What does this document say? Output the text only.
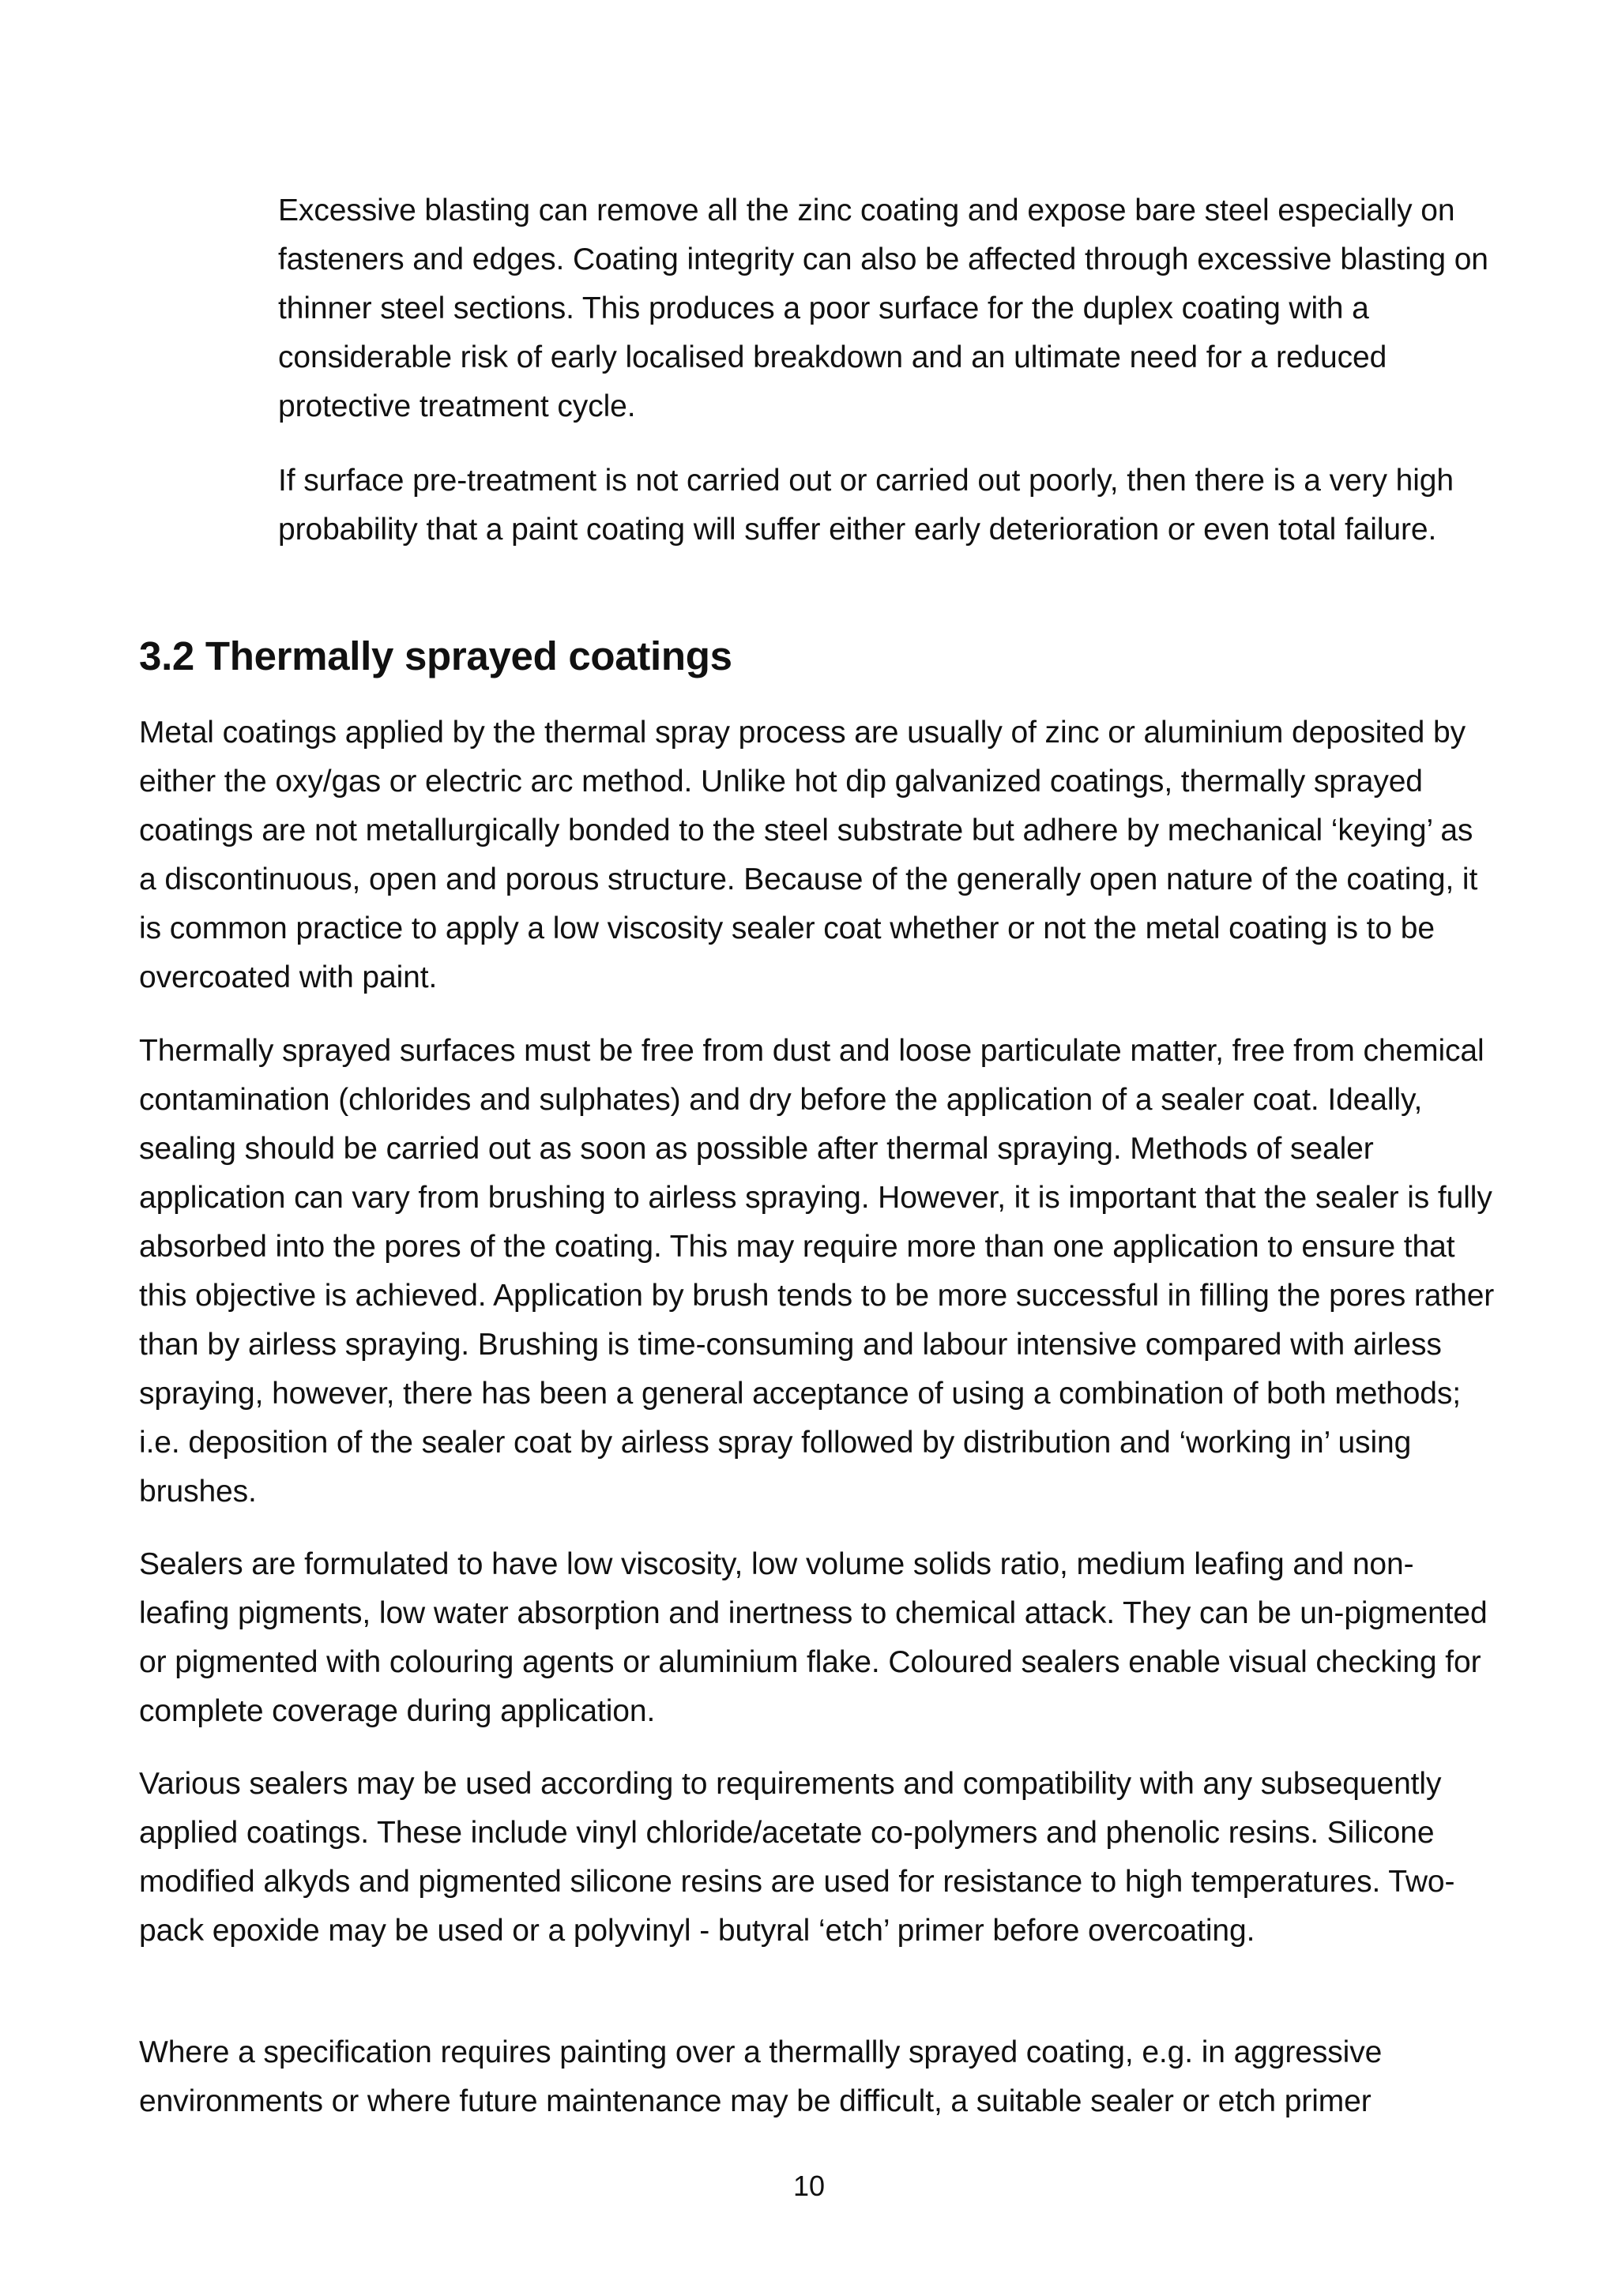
Excessive blasting can remove all the zinc coating and expose bare steel especially on fasteners and edges. Coating integrity can also be affected through excessive blasting on thinner steel sections. This produces a poor surface for the duplex coating with a considerable risk of early localised breakdown and an ultimate need for a reduced protective treatment cycle.

If surface pre-treatment is not carried out or carried out poorly, then there is a very high probability that a paint coating will suffer either early deterioration or even total failure.

3.2 Thermally sprayed coatings

Metal coatings applied by the thermal spray process are usually of zinc or aluminium deposited by either the oxy/gas or electric arc method. Unlike hot dip galvanized coatings, thermally sprayed coatings are not metallurgically bonded to the steel substrate but adhere by mechanical ‘keying’ as a discontinuous, open and porous structure. Because of the generally open nature of the coating, it is common practice to apply a low viscosity sealer coat whether or not the metal coating is to be overcoated with paint.

Thermally sprayed surfaces must be free from dust and loose particulate matter, free from chemical contamination (chlorides and sulphates) and dry before the application of a sealer coat. Ideally, sealing should be carried out as soon as possible after thermal spraying. Methods of sealer application can vary from brushing to airless spraying. However, it is important that the sealer is fully absorbed into the pores of the coating. This may require more than one application to ensure that this objective is achieved. Application by brush tends to be more successful in filling the pores rather than by airless spraying. Brushing is time-consuming and labour intensive compared with airless spraying, however, there has been a general acceptance of using a combination of both methods; i.e. deposition of the sealer coat by airless spray followed by distribution and ‘working in’ using brushes.

Sealers are formulated to have low viscosity, low volume solids ratio, medium leafing and non-leafing pigments, low water absorption and inertness to chemical attack. They can be un-pigmented or pigmented with colouring agents or aluminium flake. Coloured sealers enable visual checking for complete coverage during application.

Various sealers may be used according to requirements and compatibility with any subsequently applied coatings. These include vinyl chloride/acetate co-polymers and phenolic resins. Silicone modified alkyds and pigmented silicone resins are used for resistance to high temperatures. Two-pack epoxide may be used or a polyvinyl - butyral ‘etch’ primer before overcoating.

Where a specification requires painting over a thermallly sprayed coating, e.g. in aggressive environments or where future maintenance may be difficult, a suitable sealer or etch primer

10
